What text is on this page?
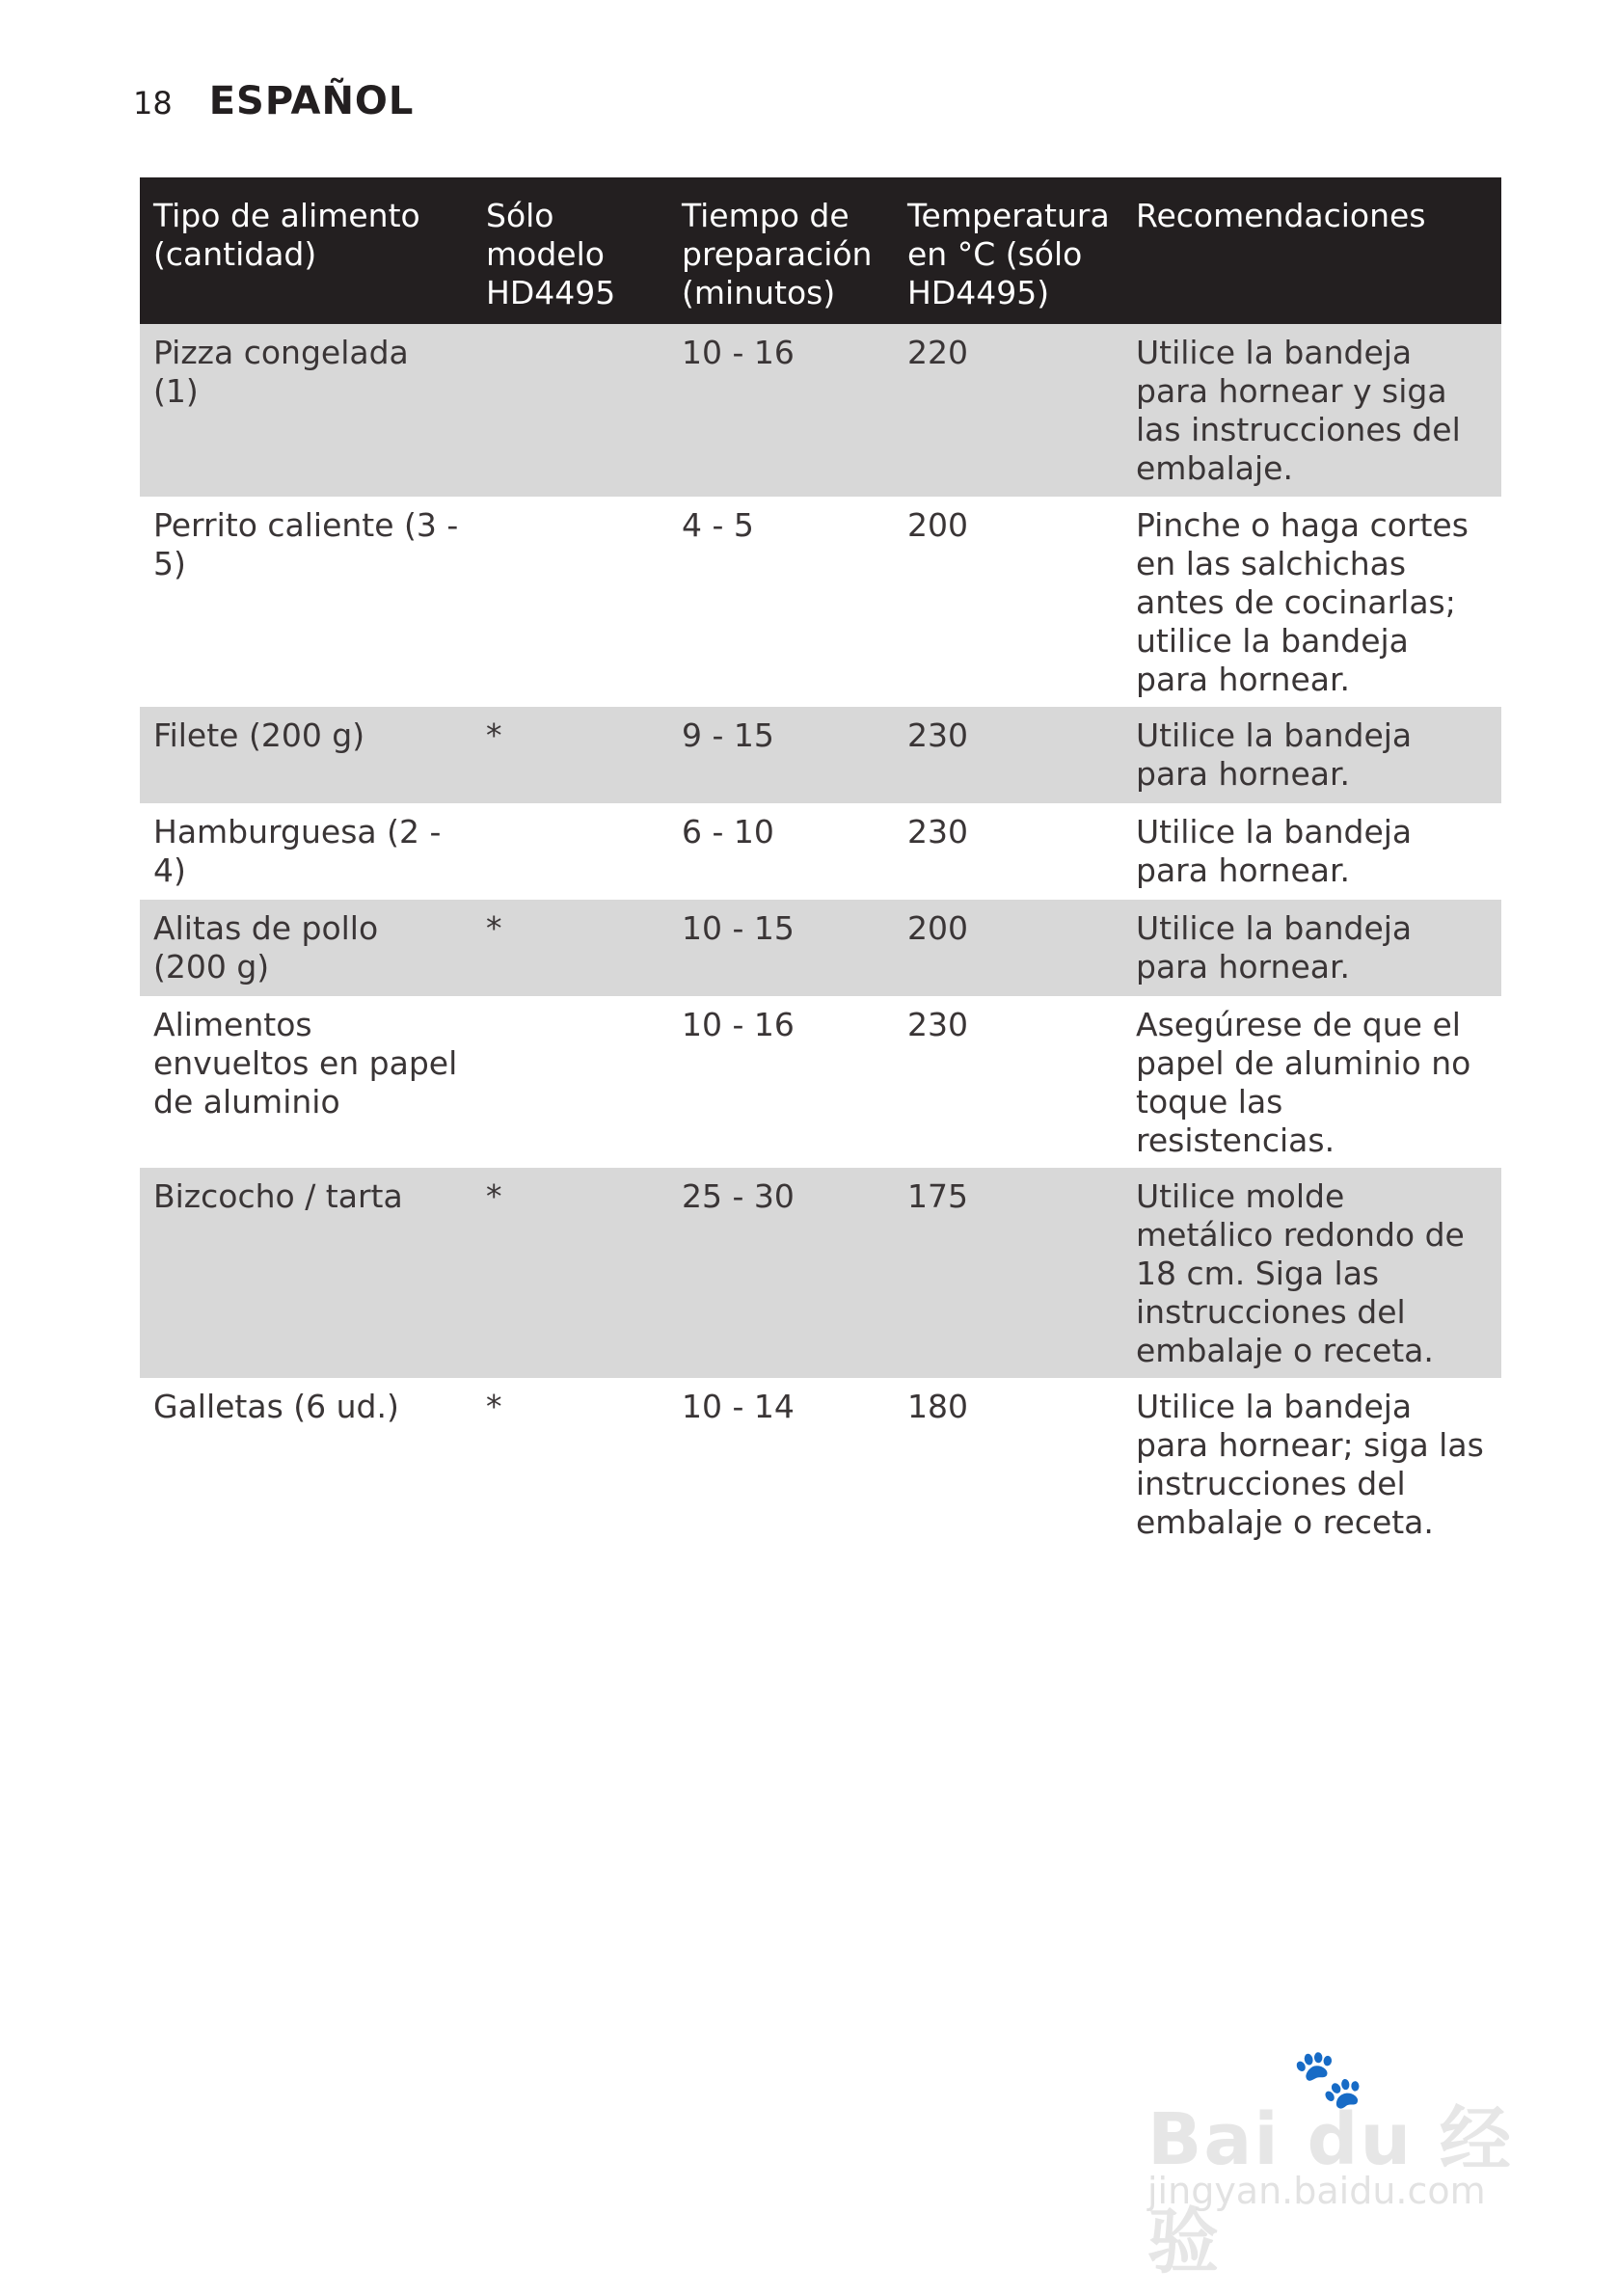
18 ESPAÑOL
Tipo de alimento (cantidad)	Sólo modelo HD4495	Tiempo de preparación (minutos)	Temperatura en °C (sólo HD4495)	Recomendaciones
Pizza congelada (1)		10 - 16	220	Utilice la bandeja para hornear y siga las instrucciones del embalaje.
Perrito caliente (3 - 5)		4 - 5	200	Pinche o haga cortes en las salchichas antes de cocinarlas; utilice la bandeja para hornear.
Filete (200 g)	*	9 - 15	230	Utilice la bandeja para hornear.
Hamburguesa (2 - 4)		6 - 10	230	Utilice la bandeja para hornear.
Alitas de pollo (200 g)	*	10 - 15	200	Utilice la bandeja para hornear.
Alimentos envueltos en papel de aluminio		10 - 16	230	Asegúrese de que el papel de aluminio no toque las resistencias.
Bizcocho / tarta	*	25 - 30	175	Utilice molde metálico redondo de 18 cm. Siga las instrucciones del embalaje o receta.
Galletas (6 ud.)	*	10 - 14	180	Utilice la bandeja para hornear; siga las instrucciones del embalaje o receta.
🐾
Bai du 经验
jingyan.baidu.com
